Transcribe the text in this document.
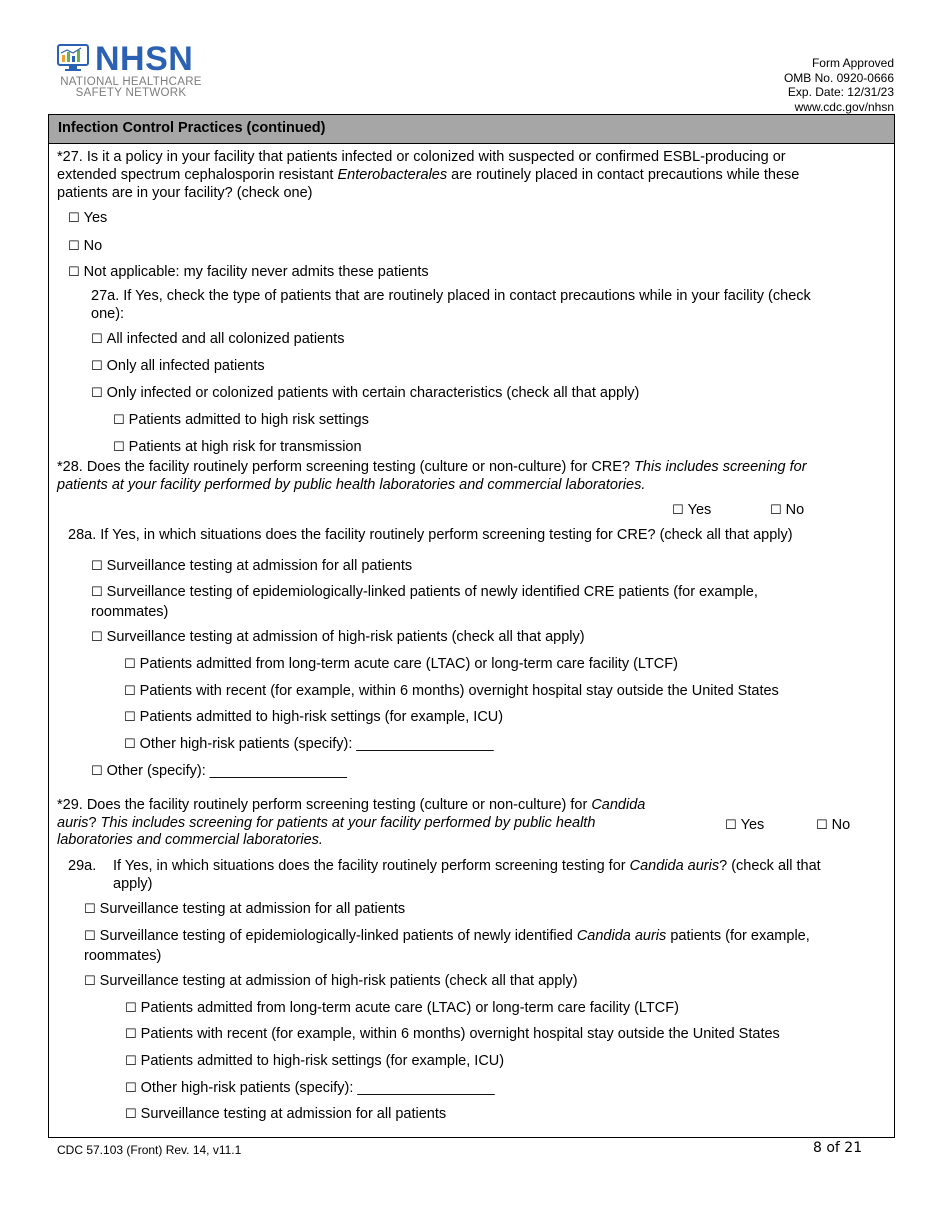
NHSN
NATIONAL HEALTHCARE
SAFETY NETWORK
Form Approved
OMB No. 0920-0666
Exp. Date: 12/31/23
www.cdc.gov/nhsn
Infection Control Practices (continued)
*27. Is it a policy in your facility that patients infected or colonized with suspected or confirmed ESBL-producing or
extended spectrum cephalosporin resistant Enterobacterales are routinely placed in contact precautions while these
patients are in your facility? (check one)
☐ Yes
☐ No
☐ Not applicable: my facility never admits these patients
27a. If Yes, check the type of patients that are routinely placed in contact precautions while in your facility (check
one):
☐ All infected and all colonized patients
☐ Only all infected patients
☐ Only infected or colonized patients with certain characteristics (check all that apply)
☐ Patients admitted to high risk settings
☐ Patients at high risk for transmission
*28. Does the facility routinely perform screening testing (culture or non-culture) for CRE? This includes screening for
patients at your facility performed by public health laboratories and commercial laboratories.
☐ Yes	☐ No
28a. If Yes, in which situations does the facility routinely perform screening testing for CRE? (check all that apply)
☐ Surveillance testing at admission for all patients
☐ Surveillance testing of epidemiologically-linked patients of newly identified CRE patients (for example,
roommates)
☐ Surveillance testing at admission of high-risk patients (check all that apply)
☐ Patients admitted from long-term acute care (LTAC) or long-term care facility (LTCF)
☐ Patients with recent (for example, within 6 months) overnight hospital stay outside the United States
☐ Patients admitted to high-risk settings (for example, ICU)
☐ Other high-risk patients (specify): _________________
☐ Other (specify): _________________
*29. Does the facility routinely perform screening testing (culture or non-culture) for Candida
auris? This includes screening for patients at your facility performed by public health
laboratories and commercial laboratories.
☐ Yes	☐ No
29a. If Yes, in which situations does the facility routinely perform screening testing for Candida auris? (check all that
apply)
☐ Surveillance testing at admission for all patients
☐ Surveillance testing of epidemiologically-linked patients of newly identified Candida auris patients (for example,
roommates)
☐ Surveillance testing at admission of high-risk patients (check all that apply)
☐ Patients admitted from long-term acute care (LTAC) or long-term care facility (LTCF)
☐ Patients with recent (for example, within 6 months) overnight hospital stay outside the United States
☐ Patients admitted to high-risk settings (for example, ICU)
☐ Other high-risk patients (specify): _________________
☐ Surveillance testing at admission for all patients
CDC 57.103 (Front) Rev. 14, v11.1	8 of 21
